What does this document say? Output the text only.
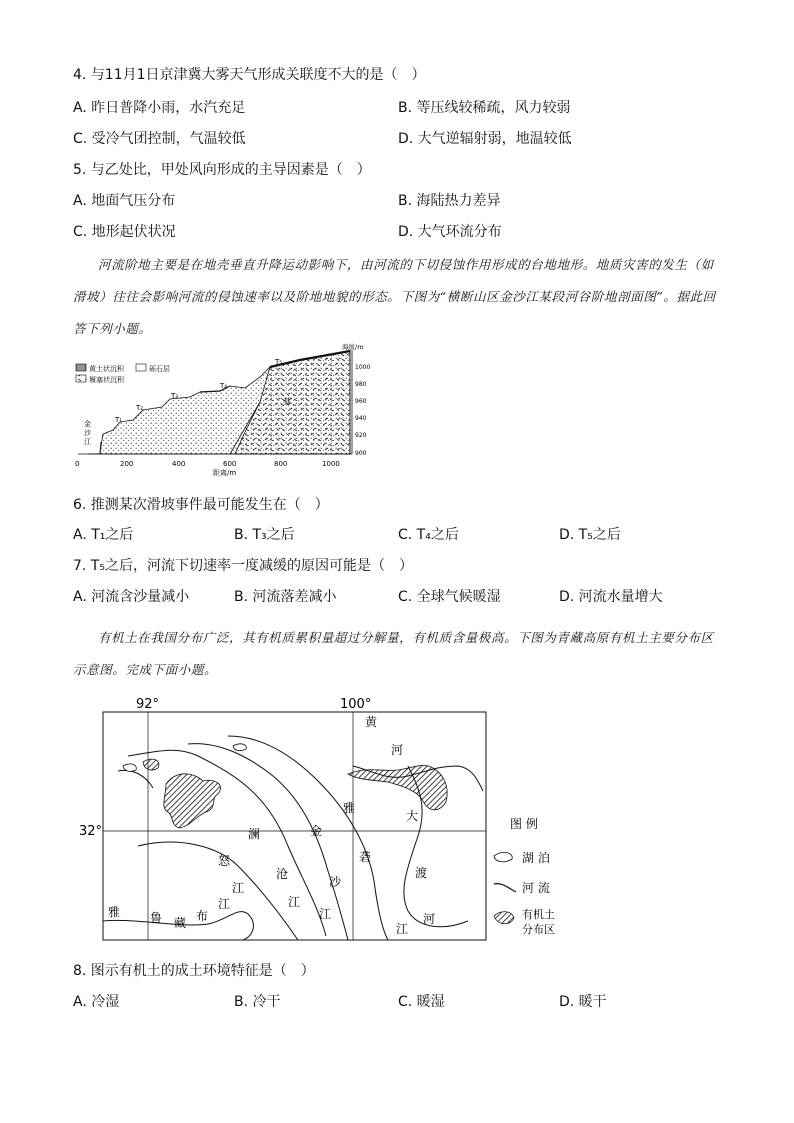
4. 与11月1日京津冀大雾天气形成关联度不大的是（　）
A. 昨日普降小雨，水汽充足	B. 等压线较稀疏，风力较弱
C. 受冷气团控制，气温较低	D. 大气逆辐射弱，地温较低
5. 与乙处比，甲处风向形成的主导因素是（　）
A. 地面气压分布	B. 海陆热力差异
C. 地形起伏状况	D. 大气环流分布

河流阶地主要是在地壳垂直升降运动影响下，由河流的下切侵蚀作用形成的台地地形。地质灾害的发生（如滑坡）往往会影响河流的侵蚀速率以及阶地地貌的形态。下图为“横断山区金沙江某段河谷阶地剖面图”。据此回答下列小题。

黄土状沉积	砾石层
堰塞状沉积
金
沙
江
T₁
T₂
T₃
T₄
T₅
基
海拔/m
1000
980
960
940
920
900
0	200	400	600	800	1000
距离/m
6. 推测某次滑坡事件最可能发生在（　）
A. T₁之后	B. T₃之后	C. T₄之后	D. T₅之后
7. T₅之后，河流下切速率一度减缓的原因可能是（　）
A. 河流含沙量减小	B. 河流落差减小	C. 全球气候暖湿	D. 河流水量增大

有机土在我国分布广泛，其有机质累积量超过分解量，有机质含量极高。下图为青藏高原有机土主要分布区示意图。完成下面小题。

92°	100°
32°
黄
河
大
渡
河
澜
沧
江
金
沙
江
雅
砻
江
怒
江
雅 鲁 藏 布
江
图 例
湖 泊
河 流
有机土
分布区
8. 图示有机土的成土环境特征是（　）
A. 冷湿	B. 冷干	C. 暖湿	D. 暖干
